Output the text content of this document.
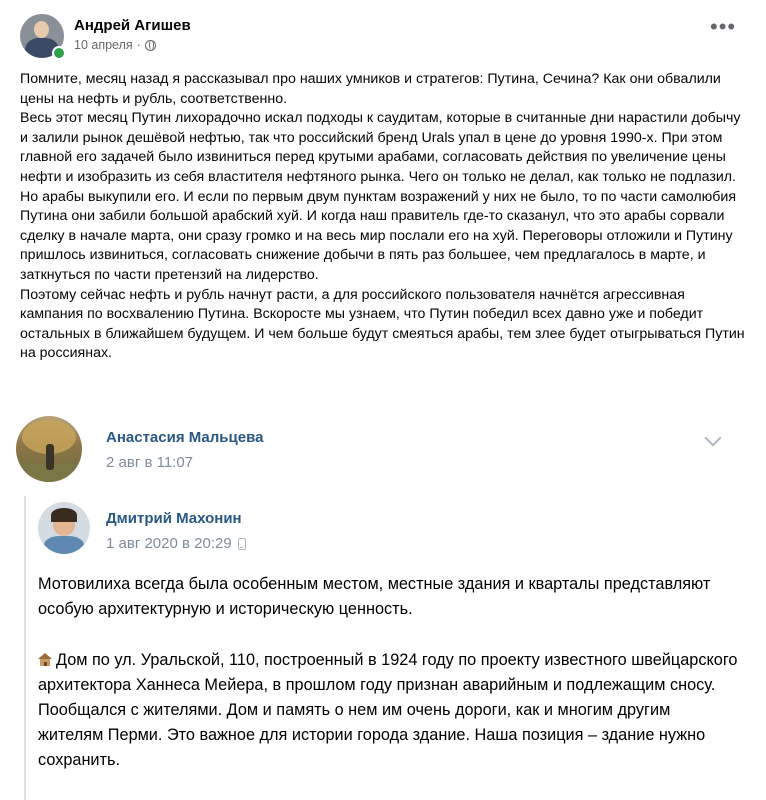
Андрей Агишев
10 апреля ·
•••
Помните, месяц назад я рассказывал про наших умников и стратегов: Путина, Сечина? Как они обвалили цены на нефть и рубль, соответственно.
Весь этот месяц Путин лихорадочно искал подходы к саудитам, которые в считанные дни нарастили добычу и залили рынок дешёвой нефтью, так что российский бренд Urals упал в цене до уровня 1990-х. При этом главной его задачей было извиниться перед крутыми арабами, согласовать действия по увеличение цены нефти и изобразить из себя властителя нефтяного рынка. Чего он только не делал, как только не подлазил. Но арабы выкупили его. И если по первым двум пунктам возражений у них не было, то по части самолюбия Путина они забили большой арабский хуй. И когда наш правитель где-то сказанул, что это арабы сорвали сделку в начале марта, они сразу громко и на весь мир послали его на хуй. Переговоры отложили и Путину пришлось извиниться, согласовать снижение добычи в пять раз большее, чем предлагалось в марте, и заткнуться по части претензий на лидерство.
Поэтому сейчас нефть и рубль начнут расти, а для российского пользователя начнётся агрессивная кампания по восхвалению Путина. Вскоросте мы узнаем, что Путин победил всех давно уже и победит остальных в ближайшем будущем. И чем больше будут смеяться арабы, тем злее будет отыгрываться Путин на россиянах.
Анастасия Мальцева
2 авг в 11:07
Дмитрий Махонин
1 авг 2020 в 20:29
Мотовилиха всегда была особенным местом, местные здания и кварталы представляют особую архитектурную и историческую ценность.

Дом по ул. Уральской, 110, построенный в 1924 году по проекту известного швейцарского архитектора Ханнеса Мейера, в прошлом году признан аварийным и подлежащим сносу. Пообщался с жителями. Дом и память о нем им очень дороги, как и многим другим жителям Перми. Это важное для истории города здание. Наша позиция – здание нужно сохранить.
